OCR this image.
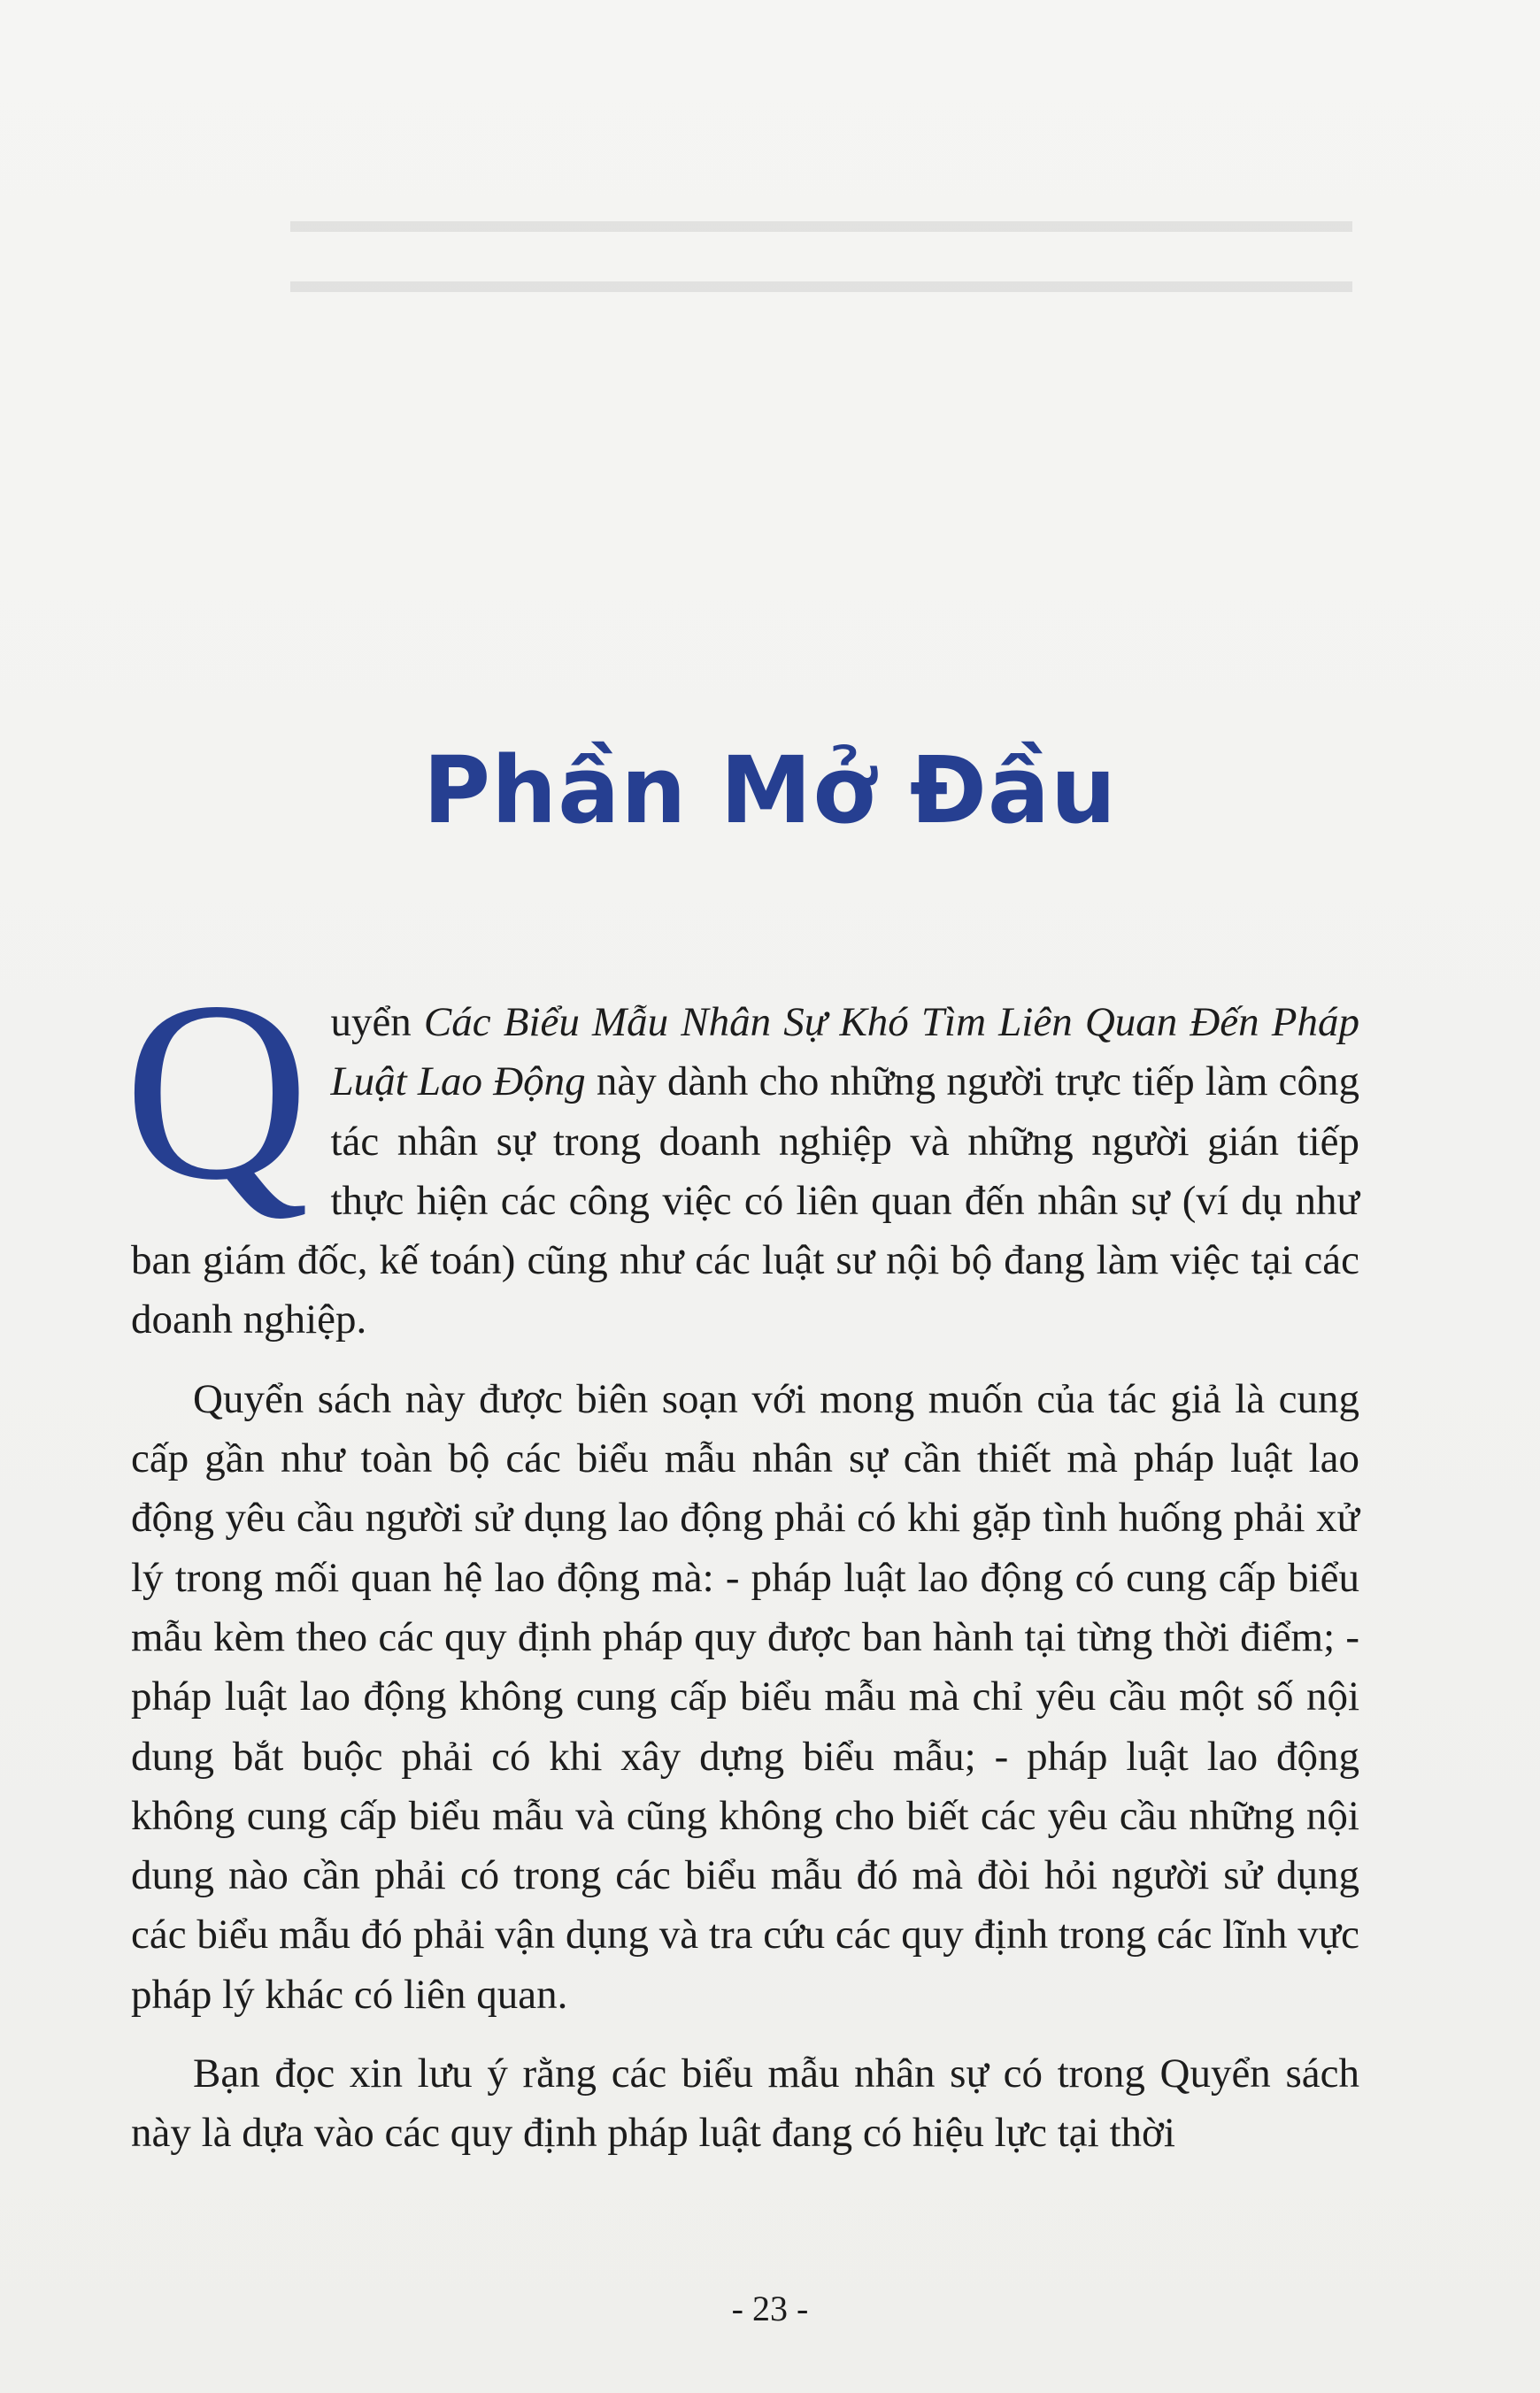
▬▬▬▬▬▬▬▬▬▬▬▬▬▬▬▬▬▬▬▬▬▬▬▬▬▬▬▬▬▬

▬▬▬▬▬▬▬▬▬▬▬▬▬▬▬▬▬▬▬▬▬▬▬▬▬▬▬▬▬▬

Phần Mở Đầu

Quyển Các Biểu Mẫu Nhân Sự Khó Tìm Liên Quan Đến Pháp Luật Lao Động này dành cho những người trực tiếp làm công tác nhân sự trong doanh nghiệp và những người gián tiếp thực hiện các công việc có liên quan đến nhân sự (ví dụ như ban giám đốc, kế toán) cũng như các luật sư nội bộ đang làm việc tại các doanh nghiệp.

Quyển sách này được biên soạn với mong muốn của tác giả là cung cấp gần như toàn bộ các biểu mẫu nhân sự cần thiết mà pháp luật lao động yêu cầu người sử dụng lao động phải có khi gặp tình huống phải xử lý trong mối quan hệ lao động mà: - pháp luật lao động có cung cấp biểu mẫu kèm theo các quy định pháp quy được ban hành tại từng thời điểm; - pháp luật lao động không cung cấp biểu mẫu mà chỉ yêu cầu một số nội dung bắt buộc phải có khi xây dựng biểu mẫu; - pháp luật lao động không cung cấp biểu mẫu và cũng không cho biết các yêu cầu những nội dung nào cần phải có trong các biểu mẫu đó mà đòi hỏi người sử dụng các biểu mẫu đó phải vận dụng và tra cứu các quy định trong các lĩnh vực pháp lý khác có liên quan.

Bạn đọc xin lưu ý rằng các biểu mẫu nhân sự có trong Quyển sách này là dựa vào các quy định pháp luật đang có hiệu lực tại thời

- 23 -
